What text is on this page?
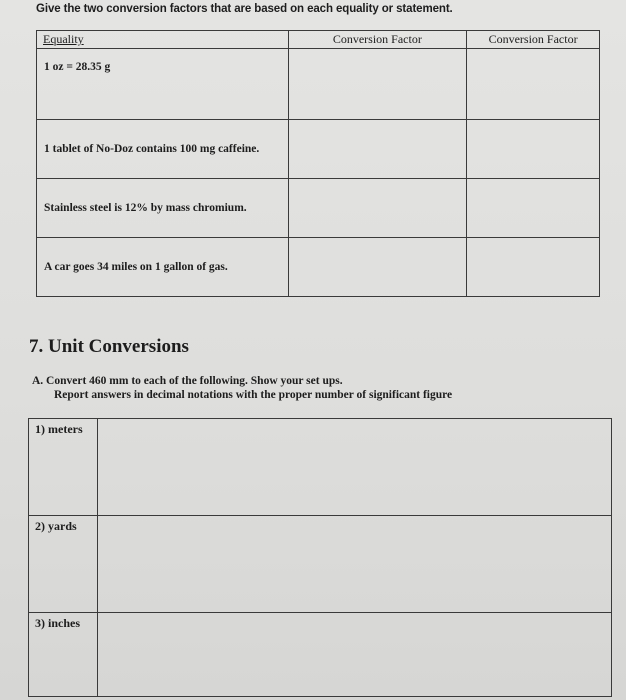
Give the two conversion factors that are based on each equality or statement.
Equality	Conversion Factor	Conversion Factor
1 oz = 28.35 g		
1 tablet of No-Doz contains 100 mg caffeine.		
Stainless steel is 12% by mass chromium.		
A car goes 34 miles on 1 gallon of gas.		
7. Unit Conversions
A. Convert 460 mm to each of the following. Show your set ups.
Report answers in decimal notations with the proper number of significant figure
1) meters	
2) yards	
3) inches	
